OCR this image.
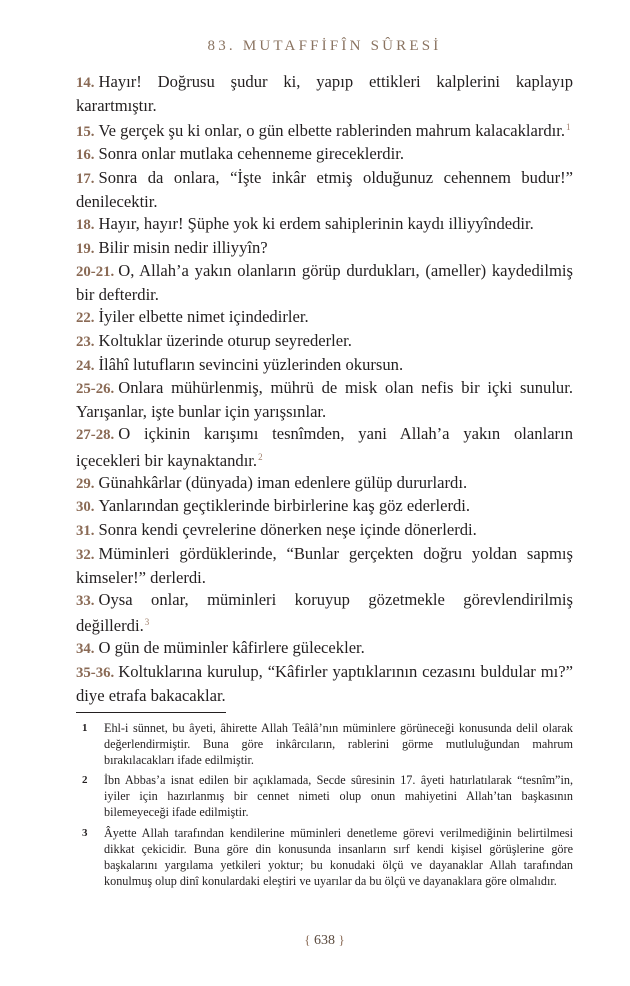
83. MUTAFFİFÎN SÛRESİ
14. Hayır! Doğrusu şudur ki, yapıp ettikleri kalplerini kaplayıp karartmıştır.
15. Ve gerçek şu ki onlar, o gün elbette rablerinden mahrum kalacaklardır.$^1$
16. Sonra onlar mutlaka cehenneme gireceklerdir.
17. Sonra da onlara, “İşte inkâr etmiş olduğunuz cehennem budur!” denilecektir.
18. Hayır, hayır! Şüphe yok ki erdem sahiplerinin kaydı illiyyîndedir.
19. Bilir misin nedir illiyyîn?
20-21. O, Allah’a yakın olanların görüp durdukları, (ameller) kaydedilmiş bir defterdir.
22. İyiler elbette nimet içindedirler.
23. Koltuklar üzerinde oturup seyrederler.
24. İlâhî lutufların sevincini yüzlerinden okursun.
25-26. Onlara mühürlenmiş, mührü de misk olan nefis bir içki sunulur. Yarışanlar, işte bunlar için yarışsınlar.
27-28. O içkinin karışımı tesnîmden, yani Allah’a yakın olanların içecekleri bir kaynaktandır.$^2$
29. Günahkârlar (dünyada) iman edenlere gülüp dururlardı.
30. Yanlarından geçtiklerinde birbirlerine kaş göz ederlerdi.
31. Sonra kendi çevrelerine dönerken neşe içinde dönerlerdi.
32. Müminleri gördüklerinde, “Bunlar gerçekten doğru yoldan sapmış kimseler!” derlerdi.
33. Oysa onlar, müminleri koruyup gözetmekle görevlendirilmiş değillerdi.$^3$
34. O gün de müminler kâfirlere gülecekler.
35-36. Koltuklarına kurulup, “Kâfirler yaptıklarının cezasını buldular mı?” diye etrafa bakacaklar.
1	Ehl-i sünnet, bu âyeti, âhirette Allah Teâlâ’nın müminlere görüneceği konusunda delil olarak değerlendirmiştir. Buna göre inkârcıların, rablerini görme mutluluğundan mahrum bırakılacakları ifade edilmiştir.
2	İbn Abbas’a isnat edilen bir açıklamada, Secde sûresinin 17. âyeti hatırlatılarak “tesnîm”in, iyiler için hazırlanmış bir cennet nimeti olup onun mahiyetini Allah’tan başkasının bilemeyeceği ifade edilmiştir.
3	Âyette Allah tarafından kendilerine müminleri denetleme görevi verilmediğinin belirtilmesi dikkat çekicidir. Buna göre din konusunda insanların sırf kendi kişisel görüşlerine göre başkalarını yargılama yetkileri yoktur; bu konudaki ölçü ve dayanaklar Allah tarafından konulmuş olup dinî konulardaki eleştiri ve uyarılar da bu ölçü ve dayanaklara göre olmalıdır.
{ 638 }
